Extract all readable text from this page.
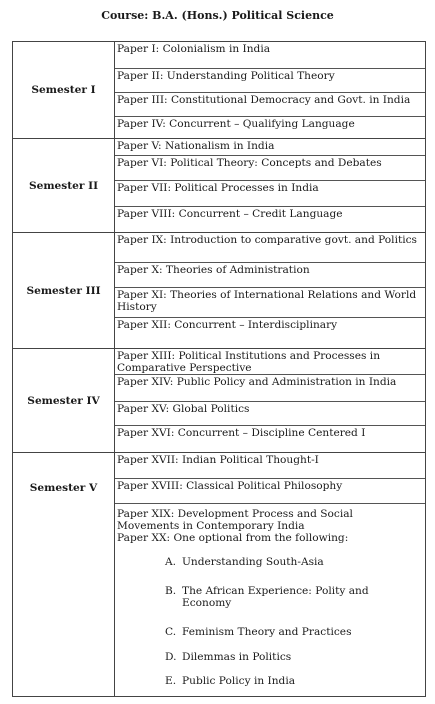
Course: B.A. (Hons.) Political Science
Semester I
Paper I: Colonialism in India
Paper II: Understanding Political Theory
Paper III: Constitutional Democracy and Govt. in India
Paper IV: Concurrent – Qualifying Language
Semester II
Paper V: Nationalism in India
Paper VI: Political Theory: Concepts and Debates
Paper VII: Political Processes in India
Paper VIII: Concurrent – Credit Language
Semester III
Paper IX: Introduction to comparative govt. and Politics
Paper X: Theories of Administration
Paper XI: Theories of International Relations and World History
Paper XII: Concurrent – Interdisciplinary
Semester IV
Paper XIII: Political Institutions and Processes in Comparative Perspective
Paper XIV: Public Policy and Administration in India
Paper XV: Global Politics
Paper XVI: Concurrent – Discipline Centered I
Semester V
Paper XVII: Indian Political Thought-I
Paper XVIII: Classical Political Philosophy
Paper XIX: Development Process and Social Movements in Contemporary India
Paper XX: One optional from the following:
A. Understanding South-Asia
B. The African Experience: Polity and Economy
C. Feminism Theory and Practices
D. Dilemmas in Politics
E. Public Policy in India
